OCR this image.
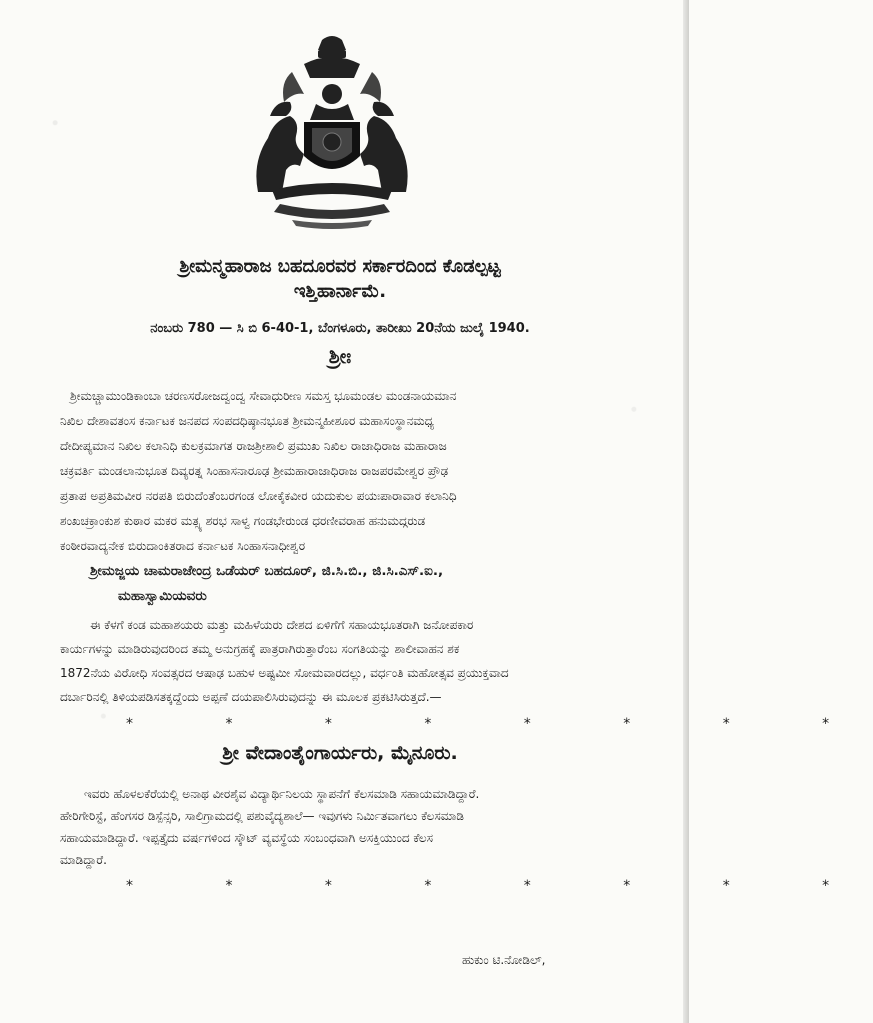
ಶ್ರೀಮನ್ಮಹಾರಾಜ ಬಹದೂರವರ ಸರ್ಕಾರದಿಂದ ಕೊಡಲ್ಪಟ್ಟ
ಇಶ್ತಿಹಾರ್ನಾಮೆ.
ನಂಬರು 780 — ಸಿ ಬಿ 6-40-1, ಬೆಂಗಳೂರು, ತಾರೀಖು 20ನೆಯ ಜುಲೈ 1940.
ಶ್ರೀಃ
ಶ್ರೀಮಚ್ಚಾಮುಂಡಿಕಾಂಬಾ ಚರಣಸರೋಜದ್ವಂದ್ವ ಸೇವಾಧುರೀಣ ಸಮಸ್ತ ಭೂಮಂಡಲ ಮಂಡನಾಯಮಾನ
ನಿಖಿಲ ದೇಶಾವತಂಸ ಕರ್ನಾಟಕ ಜನಪದ ಸಂಪದಧಿಷ್ಠಾನಭೂತ ಶ್ರೀಮನ್ಮಹೀಶೂರ ಮಹಾಸಂಸ್ಥಾನಮಧ್ಯ
ದೇದೀಪ್ಯಮಾನ ನಿಖಿಲ ಕಲಾನಿಧಿ ಕುಲಕ್ರಮಾಗತ ರಾಜಶ್ರೀಶಾಲಿ ಪ್ರಮುಖ ನಿಖಿಲ ರಾಜಾಧಿರಾಜ ಮಹಾರಾಜ
ಚಕ್ರವರ್ತಿ ಮಂಡಲಾನುಭೂತ ದಿವ್ಯರತ್ನ ಸಿಂಹಾಸನಾರೂಢ ಶ್ರೀಮಹಾರಾಜಾಧಿರಾಜ ರಾಜಪರಮೇಶ್ವರ ಪ್ರೌಢ
ಪ್ರತಾಪ ಅಪ್ರತಿಮವೀರ ನರಪತಿ ಬಿರುದೆಂತೆಂಬರಗಂಡ ಲೋಕೈಕವೀರ ಯದುಕುಲ ಪಯಃಪಾರಾವಾರ ಕಲಾನಿಧಿ
ಶಂಖಚಕ್ರಾಂಕುಶ ಕುಠಾರ ಮಕರ ಮತ್ಸ್ಯ ಶರಭ ಸಾಳ್ವ ಗಂಡಭೇರುಂಡ ಧರಣೀವರಾಹ ಹನುಮದ್ಗರುಡ
ಕಂಠೀರವಾದ್ಯನೇಕ ಬಿರುದಾಂಕಿತರಾದ ಕರ್ನಾಟಕ ಸಿಂಹಾಸನಾಧೀಶ್ವರ
ಶ್ರೀಮಜ್ಜಯ ಚಾಮರಾಜೇಂದ್ರ ಒಡೆಯರ್ ಬಹದೂರ್, ಜಿ.ಸಿ.ಬಿ., ಜಿ.ಸಿ.ಎಸ್.ಐ.,
ಮಹಾಸ್ವಾಮಿಯವರು
ಈ ಕೆಳಗೆ ಕಂಡ ಮಹಾಶಯರು ಮತ್ತು ಮಹಿಳೆಯರು ದೇಶದ ಏಳಿಗೆಗೆ ಸಹಾಯಭೂತರಾಗಿ ಜನೋಪಕಾರ
ಕಾರ್ಯಗಳನ್ನು ಮಾಡಿರುವುದರಿಂದ ತಮ್ಮ ಅನುಗ್ರಹಕ್ಕೆ ಪಾತ್ರರಾಗಿರುತ್ತಾರೆಂಬ ಸಂಗತಿಯನ್ನು ಶಾಲೀವಾಹನ ಶಕ
1872ನೆಯ ವಿರೋಧಿ ಸಂವತ್ಸರದ ಆಷಾಢ ಬಹುಳ ಅಷ್ಟಮೀ ಸೋಮವಾರದಲ್ಲು, ವರ್ಧಂತಿ ಮಹೋತ್ಸವ ಪ್ರಯುಕ್ತವಾದ
ದರ್ಬಾರಿನಲ್ಲಿ ತಿಳಿಯಪಡಿಸತಕ್ಕದ್ದೆಂದು ಅಪ್ಪಣೆ ದಯಪಾಲಿಸಿರುವುದನ್ನು ಈ ಮೂಲಕ ಪ್ರಕಟಿಸಿರುತ್ತದೆ.—
* * * * * * * *
ಶ್ರೀ ವೇದಾಂತೈಂಗಾರ್ಯರು, ಮೈನೂರು.
ಇವರು ಹೊಳಲಕೆರೆಯಲ್ಲಿ ಅನಾಥ ವೀರಶೈವ ವಿದ್ಯಾರ್ಥಿನಿಲಯ ಸ್ಥಾಪನೆಗೆ ಕೆಲಸಮಾಡಿ ಸಹಾಯಮಾಡಿದ್ದಾರೆ.
ಹೇರಿಗೇರಿಸ್ಟೆ, ಹೆಂಗಸರ ಡಿಸ್ಪೆನ್ಸರಿ, ಸಾಲಿಗ್ರಾಮದಲ್ಲಿ ಪಶುವೈದ್ಯಶಾಲೆ— ಇವುಗಳು ನಿರ್ಮಿತವಾಗಲು ಕೆಲಸಮಾಡಿ
ಸಹಾಯಮಾಡಿದ್ದಾರೆ. ಇಪ್ಪತ್ತೈದು ವರ್ಷಗಳಿಂದ ಸ್ಕೌಟ್ ವ್ಯವಸ್ಥೆಯ ಸಂಬಂಧವಾಗಿ ಅಸಕ್ತಿಯುಂದ ಕೆಲಸ
ಮಾಡಿದ್ದಾರೆ.
* * * * * * * *
ಹುಕುಂ ಟಿ.ನೋಡಿಲ್,
